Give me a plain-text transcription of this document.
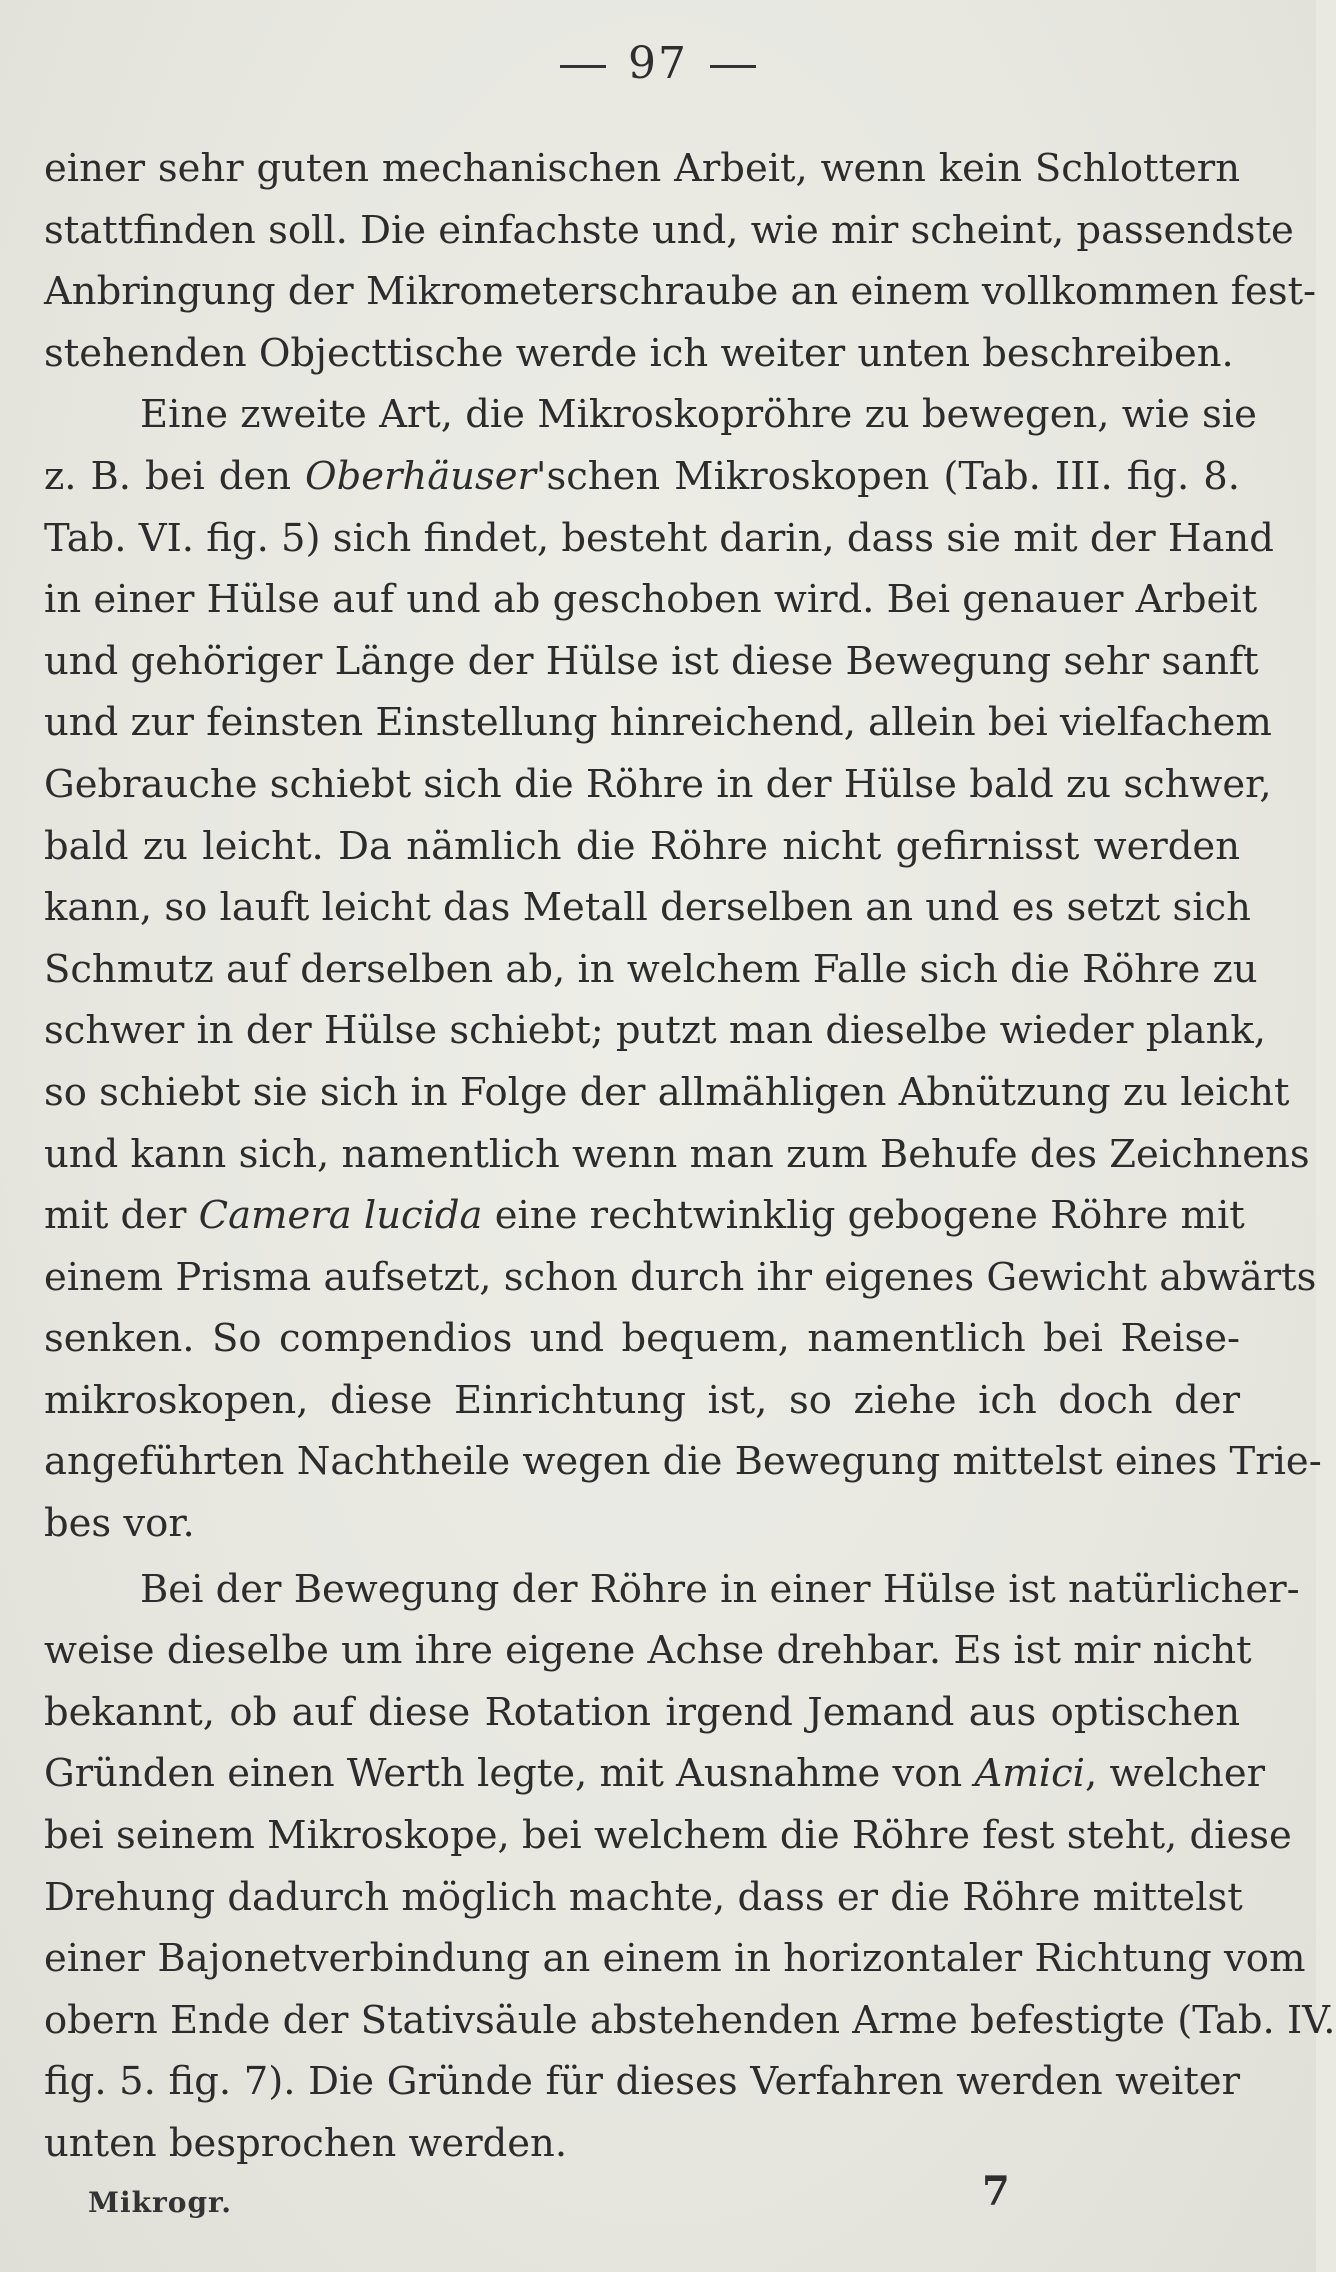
97
einer sehr guten mechanischen Arbeit, wenn kein Schlottern
stattfinden soll. Die einfachste und, wie mir scheint, passendste
Anbringung der Mikrometerschraube an einem vollkommen fest-
stehenden Objecttische werde ich weiter unten beschreiben.
Eine zweite Art, die Mikroskopröhre zu bewegen, wie sie
z. B. bei den Oberhäuser'schen Mikroskopen (Tab. III. fig. 8.
Tab. VI. fig. 5) sich findet, besteht darin, dass sie mit der Hand
in einer Hülse auf und ab geschoben wird. Bei genauer Arbeit
und gehöriger Länge der Hülse ist diese Bewegung sehr sanft
und zur feinsten Einstellung hinreichend, allein bei vielfachem
Gebrauche schiebt sich die Röhre in der Hülse bald zu schwer,
bald zu leicht. Da nämlich die Röhre nicht gefirnisst werden
kann, so lauft leicht das Metall derselben an und es setzt sich
Schmutz auf derselben ab, in welchem Falle sich die Röhre zu
schwer in der Hülse schiebt; putzt man dieselbe wieder plank,
so schiebt sie sich in Folge der allmähligen Abnützung zu leicht
und kann sich, namentlich wenn man zum Behufe des Zeichnens
mit der Camera lucida eine rechtwinklig gebogene Röhre mit
einem Prisma aufsetzt, schon durch ihr eigenes Gewicht abwärts
senken. So compendios und bequem, namentlich bei Reise-
mikroskopen, diese Einrichtung ist, so ziehe ich doch der
angeführten Nachtheile wegen die Bewegung mittelst eines Trie-
bes vor.
Bei der Bewegung der Röhre in einer Hülse ist natürlicher-
weise dieselbe um ihre eigene Achse drehbar. Es ist mir nicht
bekannt, ob auf diese Rotation irgend Jemand aus optischen
Gründen einen Werth legte, mit Ausnahme von Amici, welcher
bei seinem Mikroskope, bei welchem die Röhre fest steht, diese
Drehung dadurch möglich machte, dass er die Röhre mittelst
einer Bajonetverbindung an einem in horizontaler Richtung vom
obern Ende der Stativsäule abstehenden Arme befestigte (Tab. IV.
fig. 5. fig. 7). Die Gründe für dieses Verfahren werden weiter
unten besprochen werden.
Mikrogr.	7
